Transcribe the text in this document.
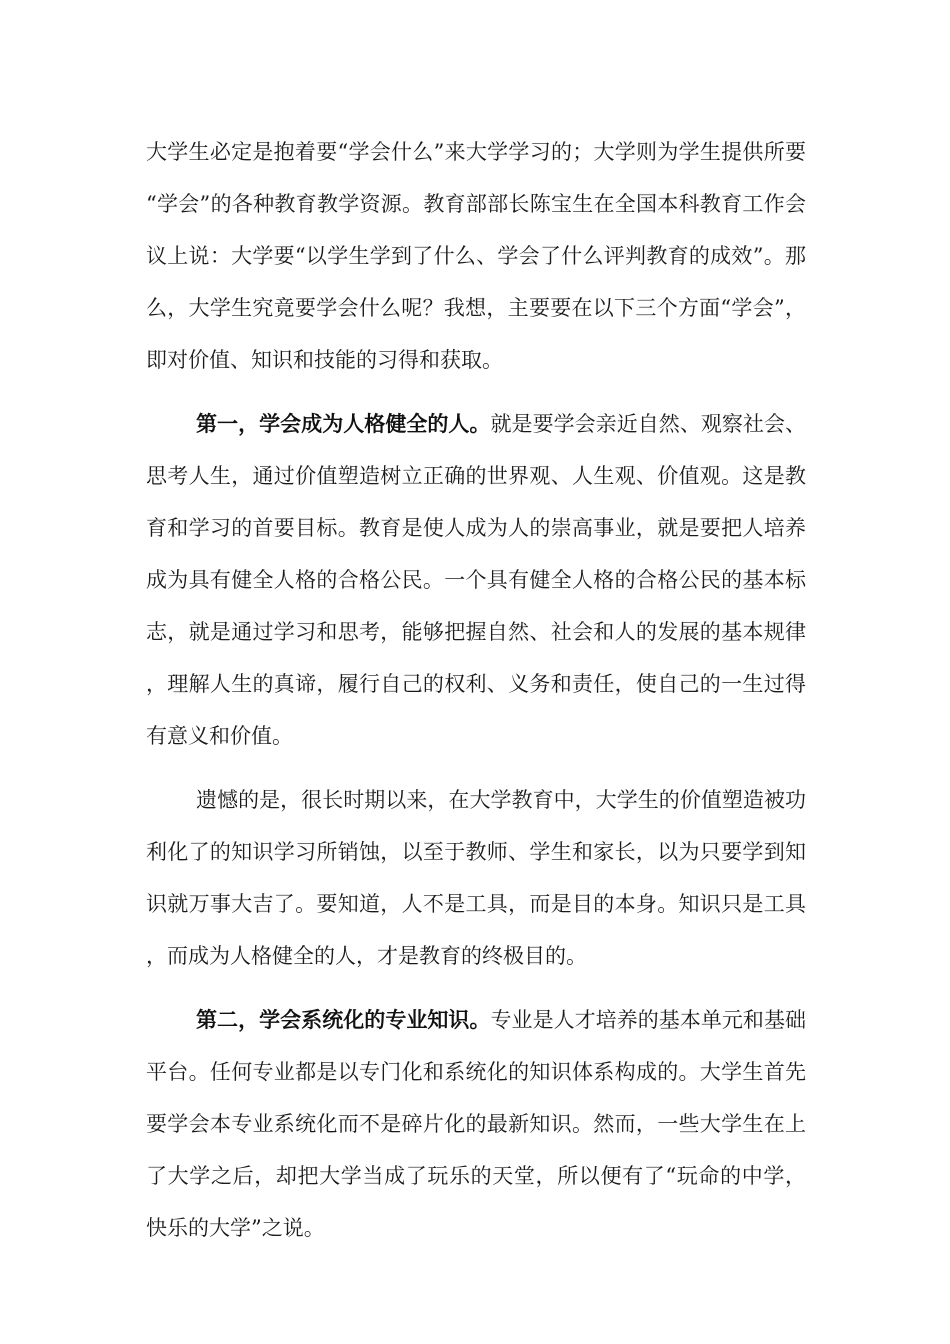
大学生必定是抱着要“学会什么”来大学学习的；大学则为学生提供所要“学会”的各种教育教学资源。教育部部长陈宝生在全国本科教育工作会议上说：大学要“以学生学到了什么、学会了什么评判教育的成效”。那么，大学生究竟要学会什么呢？我想，主要要在以下三个方面“学会”，即对价值、知识和技能的习得和获取。

第一，学会成为人格健全的人。就是要学会亲近自然、观察社会、思考人生，通过价值塑造树立正确的世界观、人生观、价值观。这是教育和学习的首要目标。教育是使人成为人的崇高事业，就是要把人培养成为具有健全人格的合格公民。一个具有健全人格的合格公民的基本标志，就是通过学习和思考，能够把握自然、社会和人的发展的基本规律，理解人生的真谛，履行自己的权利、义务和责任，使自己的一生过得有意义和价值。

遗憾的是，很长时期以来，在大学教育中，大学生的价值塑造被功利化了的知识学习所销蚀，以至于教师、学生和家长，以为只要学到知识就万事大吉了。要知道，人不是工具，而是目的本身。知识只是工具，而成为人格健全的人，才是教育的终极目的。

第二，学会系统化的专业知识。专业是人才培养的基本单元和基础平台。任何专业都是以专门化和系统化的知识体系构成的。大学生首先要学会本专业系统化而不是碎片化的最新知识。然而，一些大学生在上了大学之后，却把大学当成了玩乐的天堂，所以便有了“玩命的中学，快乐的大学”之说。
